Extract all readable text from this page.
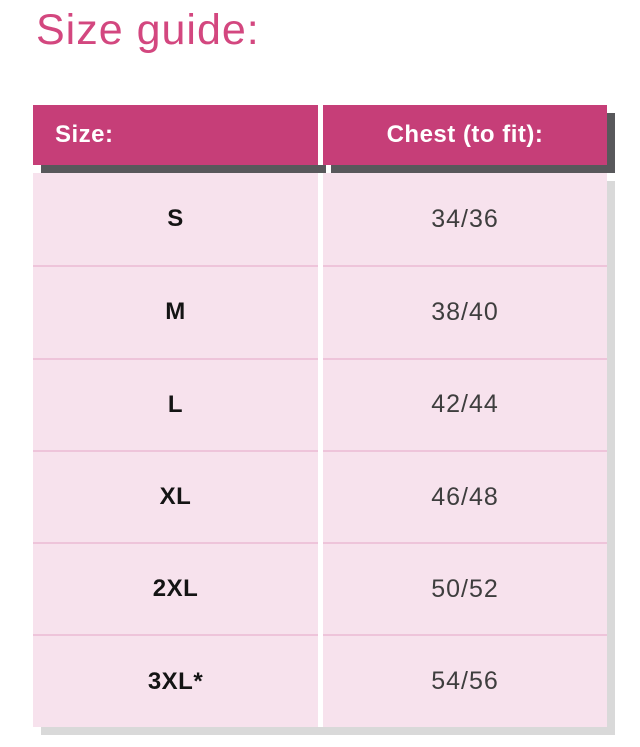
Size guide:
Size:	Chest (to fit):
S	34/36
M	38/40
L	42/44
XL	46/48
2XL	50/52
3XL*	54/56
